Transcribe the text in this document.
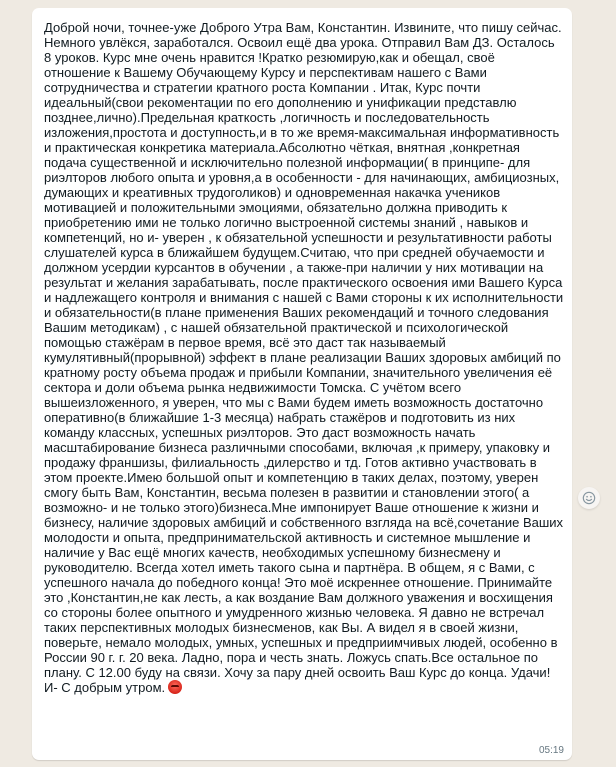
Доброй ночи, точнее-уже Доброго Утра Вам, Константин. Извините, что пишу сейчас. Немного увлёкся, заработался. Освоил ещё два урока. Отправил Вам ДЗ. Осталось 8 уроков. Курс мне очень нравится !Кратко резюмирую,как и обещал, своё отношение к Вашему Обучающему Курсу и перспективам нашего с Вами сотрудничества и стратегии кратного роста Компании . Итак, Курс почти идеальный(свои рекоментации по его дополнению и унификации представлю позднее,лично).Предельная краткость ,логичность и последовательность изложения,простота и доступность,и в то же время-максимальная информативность и практическая конкретика материала.Абсолютно чёткая, внятная ,конкретная подача существенной и исключительно полезной информации( в принципе- для риэлторов любого опыта и уровня,а в особенности - для начинающих, амбициозных, думающих и креативных трудоголиков) и одновременная накачка учеников мотивацией и положительными эмоциями, обязательно должна приводить к приобретению ими не только логично выстроенной системы знаний , навыков и компетенций, но и- уверен , к обязательной успешности и результативности работы слушателей курса в ближайшем будущем.Считаю, что при средней обучаемости и должном усердии курсантов в обучении , а также-при наличии у них мотивации на результат и желания зарабатывать, после практического освоения ими Вашего Курса и надлежащего контроля и внимания с нашей с Вами стороны к их исполнительности и обязательности(в плане применения Ваших рекомендаций и точного следования Вашим методикам) , с нашей обязательной практической и психологической помощью стажёрам в первое время, всё это даст так называемый кумулятивный(прорывной) эффект в плане реализации Ваших здоровых амбиций по кратному росту объема продаж и прибыли Компании, значительного увеличения её сектора и доли объема рынка недвижимости Томска. С учётом всего вышеизложенного, я уверен, что мы с Вами будем иметь возможность достаточно оперативно(в ближайшие 1-3 месяца) набрать стажёров и подготовить из них команду классных, успешных риэлторов. Это даст возможность начать масштабирование бизнеса различными способами, включая ,к примеру, упаковку и продажу франшизы, филиальность ,дилерство и тд. Готов активно участвовать в этом проекте.Имею большой опыт и компетенцию в таких делах, поэтому, уверен смогу быть Вам, Константин, весьма полезен в развитии и становлении этого( а возможно- и не только этого)бизнеса.Мне импонирует Ваше отношение к жизни и бизнесу, наличие здоровых амбиций и собственного взгляда на всё,сочетание Ваших молодости и опыта, предпринимательской активность и системное мышление и наличие у Вас ещё многих качеств, необходимых успешному бизнесмену и руководителю. Всегда хотел иметь такого сына и партнёра. В общем, я с Вами, с успешного начала до победного конца! Это моё искреннее отношение. Принимайте это ,Константин,не как лесть, а как воздание Вам должного уважения и восхищения со стороны более опытного и умудренного жизнью человека. Я давно не встречал таких перспективных молодых бизнесменов, как Вы. А видел я в своей жизни, поверьте, немало молодых, умных, успешных и предприимчивых людей, особенно в России 90 г. г. 20 века. Ладно, пора и честь знать. Ложусь спать.Все остальное по плану. С 12.00 буду на связи. Хочу за пару дней освоить Ваш Курс до конца. Удачи! И- С добрым утром.

05:19
